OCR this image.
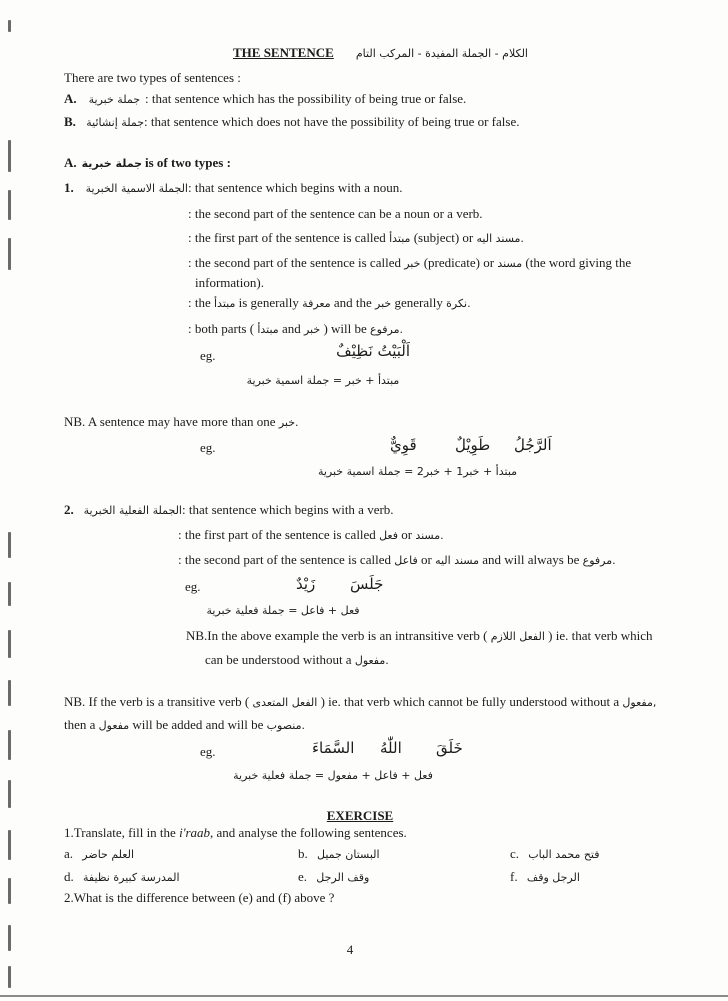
THE SENTENCE الكلام - الجملة المفيدة - المركب التام
There are two types of sentences :
A.	جملة خبرية : that sentence which has the possibility of being true or false.
B. جملة إنشائية : that sentence which does not have the possibility of being true or false.
A. جملة خبرية is of two types :
1.	الجملة الاسمية الخبرية : that sentence which begins with a noun.
: the second part of the sentence can be a noun or a verb.
: the first part of the sentence is called مبتدأ (subject) or مسند اليه.
: the second part of the sentence is called خبر (predicate) or مسند (the word giving the
information).
: the مبتدأ is generally معرفة and the خبر generally نكرة.
: both parts ( مبتدأ and خبر ) will be مرفوع.
eg.	اَلْبَيْتُ نَظِيْفٌ
مبتدأ + خبر = جملة اسمية خبرية
NB. A sentence may have more than one خبر.
eg.	اَلرَّجُلُ
طَوِيْلٌ
قَوِيٌّ
مبتدأ + خبر1 + خبر2 = جملة اسمية خبرية
2. الجملة الفعلية الخبرية : that sentence which begins with a verb.
: the first part of the sentence is called فعل or مسند.
: the second part of the sentence is called فاعل or مسند اليه and will always be مرفوع.
eg.	جَلَسَ
زَيْدٌ
فعل + فاعل = جملة فعلية خبرية
NB.In the above example the verb is an intransitive verb ( الفعل اللازم ) ie. that verb which
can be understood without a مفعول.
NB. If the verb is a transitive verb ( الفعل المتعدى ) ie. that verb which cannot be fully understood without a مفعول,
then a مفعول will be added and will be منصوب.
eg.	خَلَقَ
اللّٰهُ
السَّمَاءَ
فعل + فاعل + مفعول = جملة فعلية خبرية
EXERCISE
1.Translate, fill in the i'raab, and analyse the following sentences.
a. العلم حاضر	b. البستان جميل	c. فتح محمد الباب
d. المدرسة كبيرة نظيفة	e. وقف الرجل	f. الرجل وقف
2.What is the difference between (e) and (f) above ?
4
